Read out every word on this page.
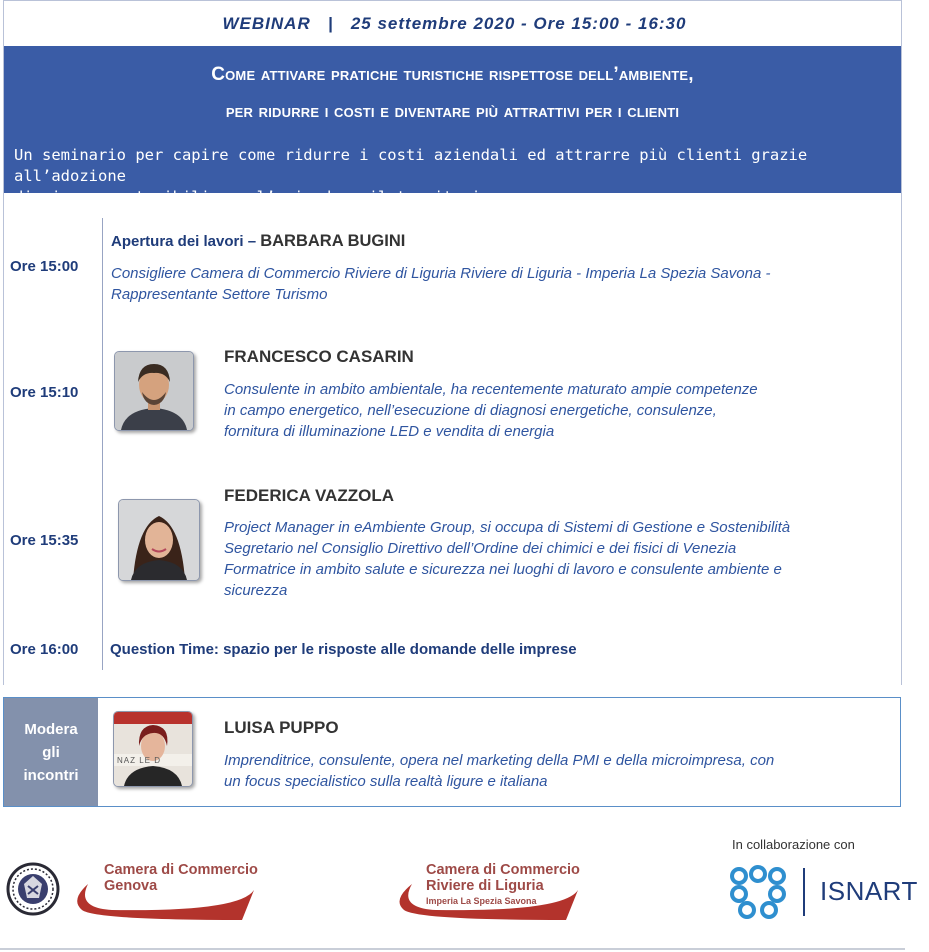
WEBINAR | 25 settembre 2020 - Ore 15:00 - 16:30
Come attivare pratiche turistiche rispettose dell’ambiente,
per ridurre i costi e diventare più attrattivi per i clienti
Un seminario per capire come ridurre i costi aziendali ed attrarre più clienti grazie all’adozione
di misure sostenibili per l’azienda e il territorio
Ore 15:00
Apertura dei lavori – BARBARA BUGINI
Consigliere Camera di Commercio Riviere di Liguria Riviere di Liguria - Imperia La Spezia Savona -
Rappresentante Settore Turismo
Ore 15:10
FRANCESCO CASARIN
Consulente in ambito ambientale, ha recentemente maturato ampie competenze
in campo energetico, nell’esecuzione di diagnosi energetiche, consulenze,
fornitura di illuminazione LED e vendita di energia
Ore 15:35
FEDERICA VAZZOLA
Project Manager in eAmbiente Group, si occupa di Sistemi di Gestione e Sostenibilità
Segretario nel Consiglio Direttivo dell’Ordine dei chimici e dei fisici di Venezia
Formatrice in ambito salute e sicurezza nei luoghi di lavoro e consulente ambiente e
sicurezza
Ore 16:00 Question Time: spazio per le risposte alle domande delle imprese
Modera
gli
incontri
NAZ LE D
LUISA PUPPO
Imprenditrice, consulente, opera nel marketing della PMI e della microimpresa, con
un focus specialistico sulla realtà ligure e italiana
Camera di Commercio
Genova
Camera di Commercio
Riviere di Liguria
Imperia La Spezia Savona
In collaborazione con
ISNART
